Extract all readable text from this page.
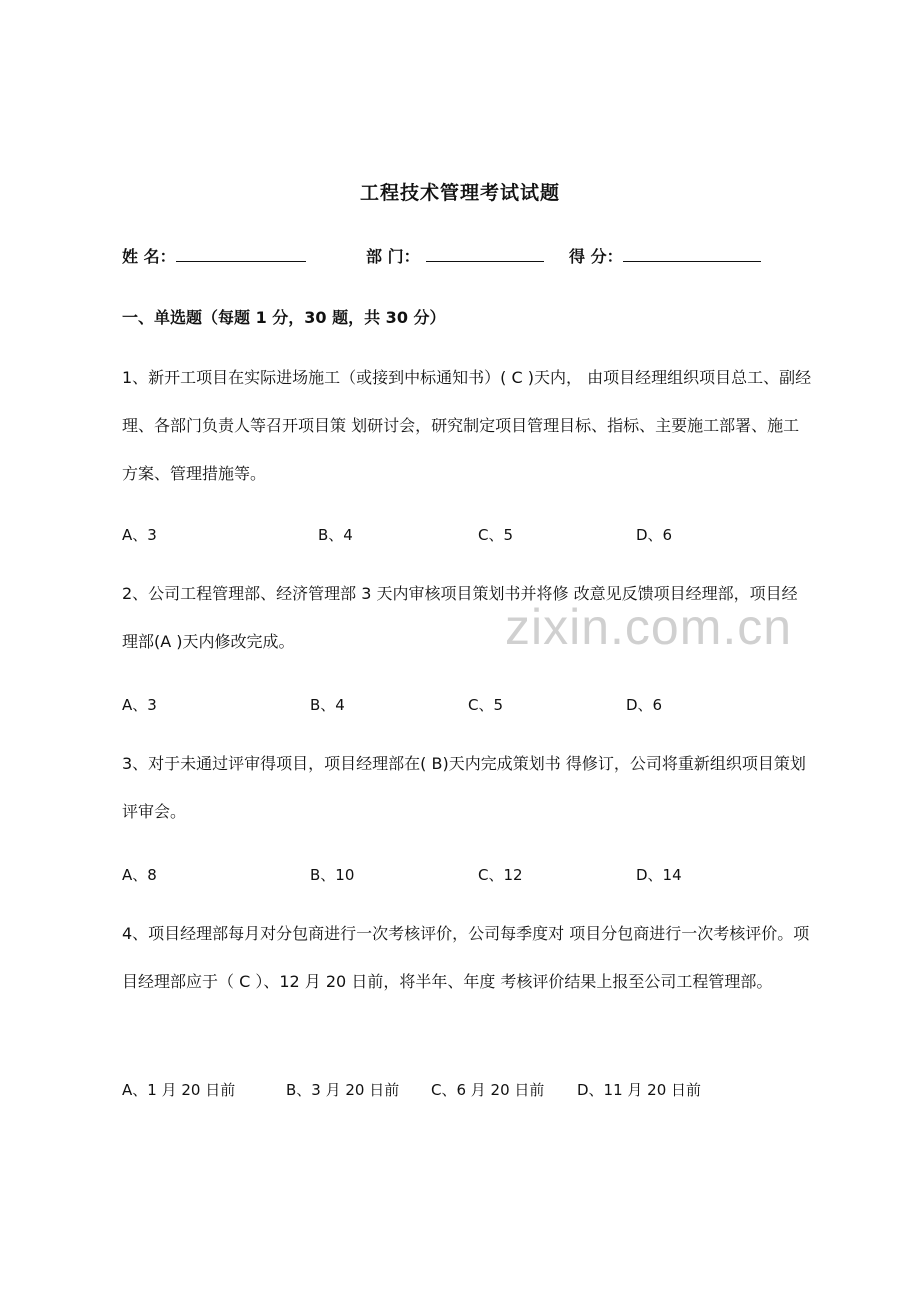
工程技术管理考试试题
姓 名：	部 门：	得 分：
一、单选题（每题 1 分，30 题，共 30 分）
zixin.com.cn
1、新开工项目在实际进场施工（或接到中标通知书）( C )天内， 由项目经理组织项目总工、副经理、各部门负责人等召开项目策 划研讨会，研究制定项目管理目标、指标、主要施工部署、施工 方案、管理措施等。
A、3	B、4	C、5	D、6
2、公司工程管理部、经济管理部 3 天内审核项目策划书并将修 改意见反馈项目经理部，项目经理部(A )天内修改完成。
A、3	B、4	C、5	D、6
3、对于未通过评审得项目，项目经理部在( B)天内完成策划书 得修订，公司将重新组织项目策划评审会。
A、8	B、10	C、12	D、14
4、项目经理部每月对分包商进行一次考核评价，公司每季度对 项目分包商进行一次考核评价。项目经理部应于（ C ）、12 月 20 日前，将半年、年度 考核评价结果上报至公司工程管理部。
A、1 月 20 日前	B、3 月 20 日前 C、6 月 20 日前 D、11 月 20 日前
